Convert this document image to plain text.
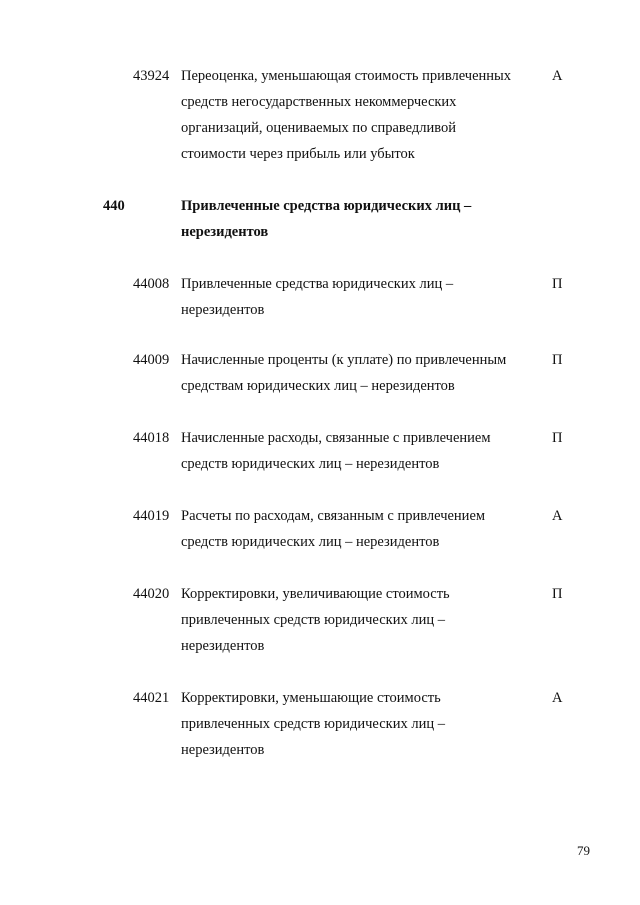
43924 Переоценка, уменьшающая стоимость привлеченных
средств негосударственных некоммерческих
организаций, оцениваемых по справедливой
стоимости через прибыль или убыток
А
440	Привлеченные средства юридических лиц –
нерезидентов
44008 Привлеченные средства юридических лиц –
нерезидентов
П
44009 Начисленные проценты (к уплате) по привлеченным
средствам юридических лиц – нерезидентов
П
44018 Начисленные расходы, связанные с привлечением
средств юридических лиц – нерезидентов
П
44019 Расчеты по расходам, связанным с привлечением
средств юридических лиц – нерезидентов
А
44020 Корректировки, увеличивающие стоимость
привлеченных средств юридических лиц –
нерезидентов
П
44021 Корректировки, уменьшающие стоимость
привлеченных средств юридических лиц –
нерезидентов
А
79
